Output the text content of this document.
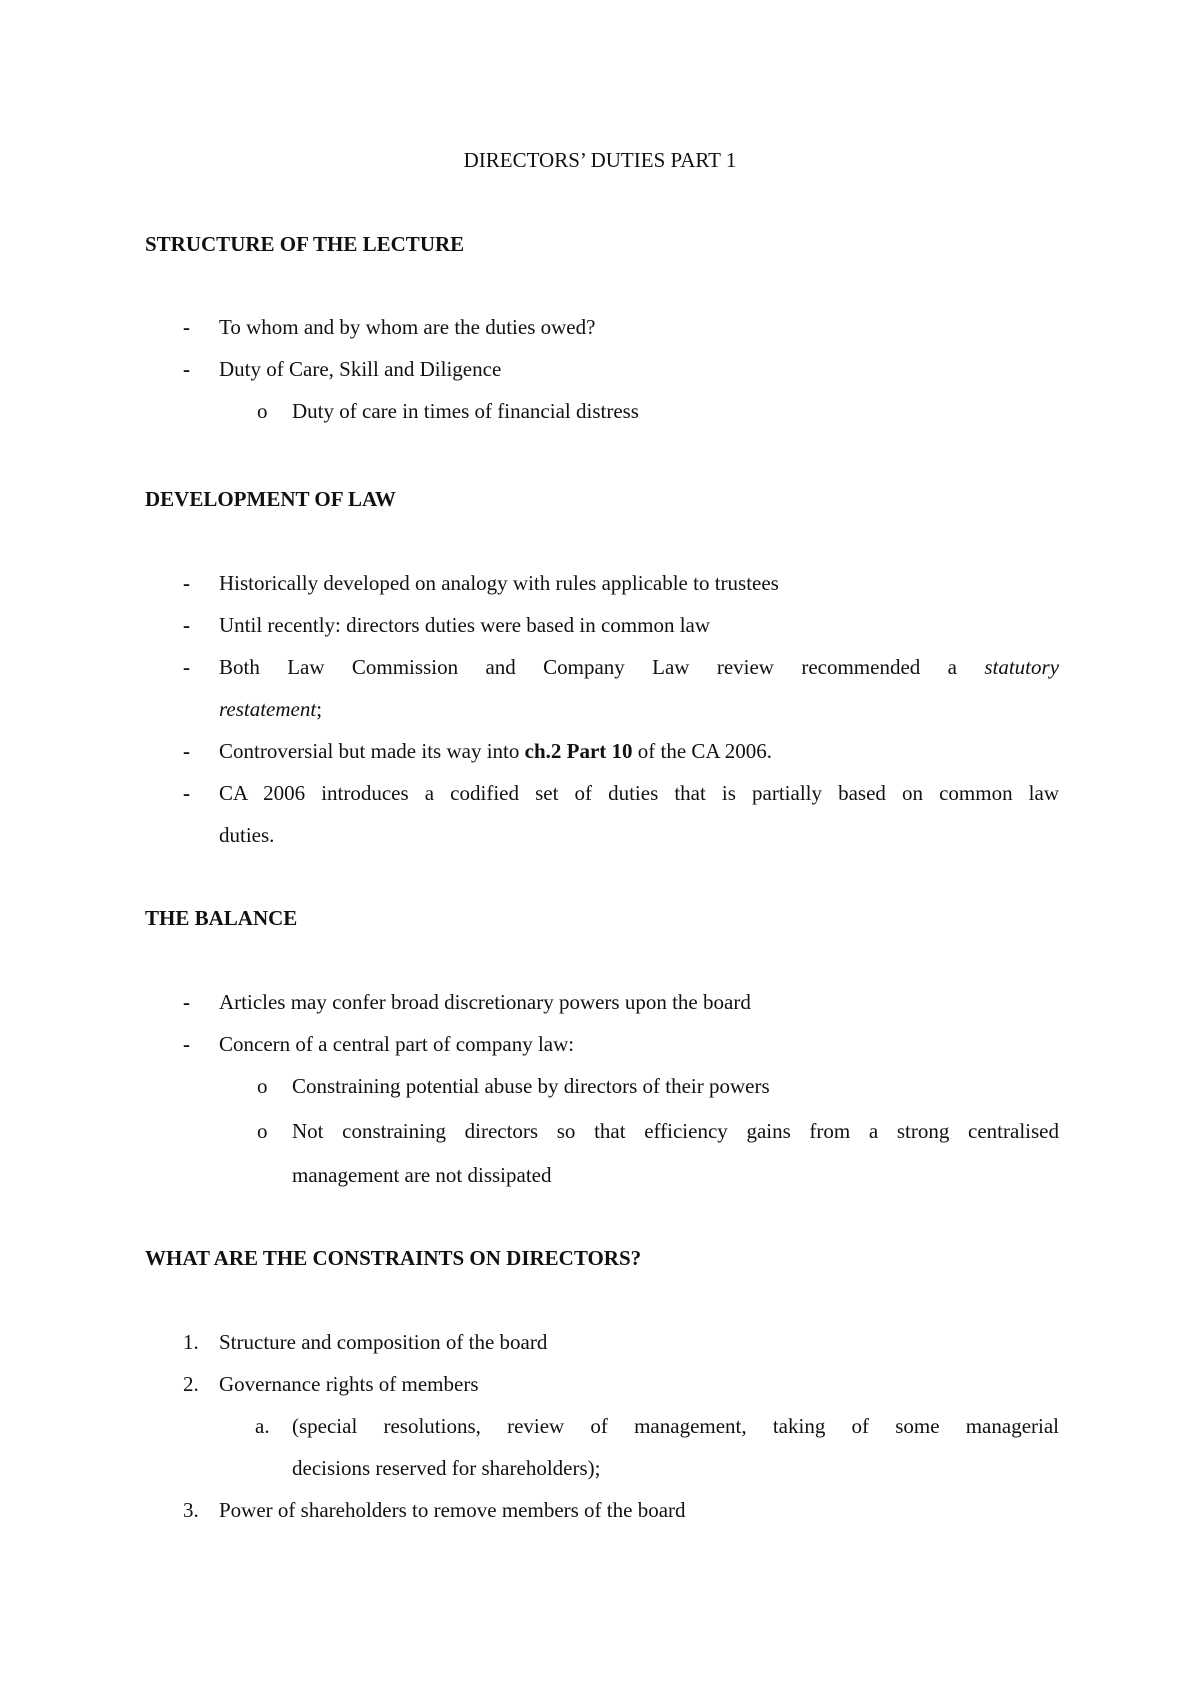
DIRECTORS’ DUTIES PART 1
STRUCTURE OF THE LECTURE
-	To whom and by whom are the duties owed?
-	Duty of Care, Skill and Diligence
o	Duty of care in times of financial distress
DEVELOPMENT OF LAW
-	Historically developed on analogy with rules applicable to trustees
-	Until recently: directors duties were based in common law
-	Both Law Commission and Company Law review recommended a statutory
restatement;
-	Controversial but made its way into ch.2 Part 10 of the CA 2006.
-	CA 2006 introduces a codified set of duties that is partially based on common law
duties.
THE BALANCE
-	Articles may confer broad discretionary powers upon the board
-	Concern of a central part of company law:
o	Constraining potential abuse by directors of their powers
o	Not constraining directors so that efficiency gains from a strong centralised
management are not dissipated
WHAT ARE THE CONSTRAINTS ON DIRECTORS?
1. Structure and composition of the board
2. Governance rights of members
a.	(special resolutions, review of management, taking of some managerial
decisions reserved for shareholders);
3. Power of shareholders to remove members of the board
